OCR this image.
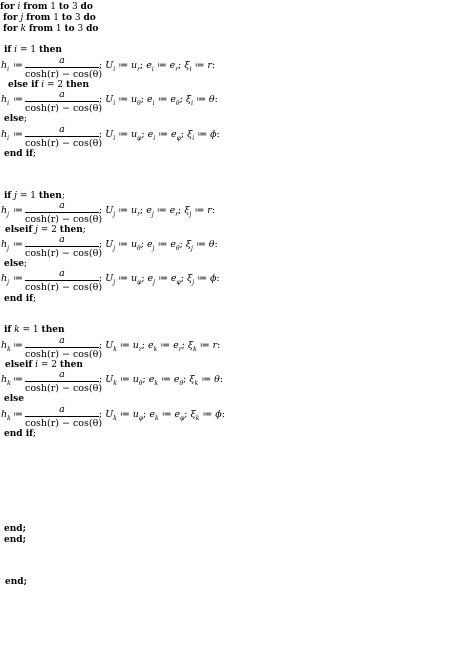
for i from 1 to 3 do
for j from 1 to 3 do
for k from 1 to 3 do
if i = 1 then
$h_i$ ≔	a
cosh(r) − cos(θ)
; $U_i$ ≔ $u_r$; $e_i$ ≔ $e_r$; $\xi_i$ ≔ r:
else if i = 2 then
$h_i$ ≔	a
cosh(r) − cos(θ)
; $U_i$ ≔ $u_\theta$; $e_i$ ≔ $e_\theta$; $\xi_i$ ≔ θ:
else;
$h_i$ ≔	a
cosh(r) − cos(θ)
; $U_i$ ≔ $u_\varphi$; $e_i$ ≔ $e_\varphi$; $\xi_i$ ≔ ϕ:
end if;
if j = 1 then;
$h_j$ ≔	a
cosh(r) − cos(θ)
; $U_j$ ≔ $u_r$; $e_j$ ≔ $e_r$; $\xi_j$ ≔ r:
elseif j = 2 then;
$h_j$ ≔	a
cosh(r) − cos(θ)
; $U_j$ ≔ $u_\theta$; $e_j$ ≔ $e_\theta$; $\xi_j$ ≔ θ:
else;
$h_j$ ≔	a
cosh(r) − cos(θ)
; $U_j$ ≔ $u_\varphi$; $e_j$ ≔ $e_\varphi$; $\xi_j$ ≔ ϕ:
end if;
if k = 1 then
$h_k$ ≔	a
cosh(r) − cos(θ)
; $U_k$ ≔ $u_r$; $e_k$ ≔ $e_r$; $\xi_k$ ≔ r:
elseif i = 2 then
$h_k$ ≔	a
cosh(r) − cos(θ)
; $U_k$ ≔ $u_\theta$; $e_k$ ≔ $e_\theta$; $\xi_k$ ≔ θ:
else
$h_k$ ≔	a
cosh(r) − cos(θ)
; $U_k$ ≔ $u_\varphi$; $e_k$ ≔ $e_\varphi$; $\xi_k$ ≔ ϕ:
end if;
end;
end;
end;
